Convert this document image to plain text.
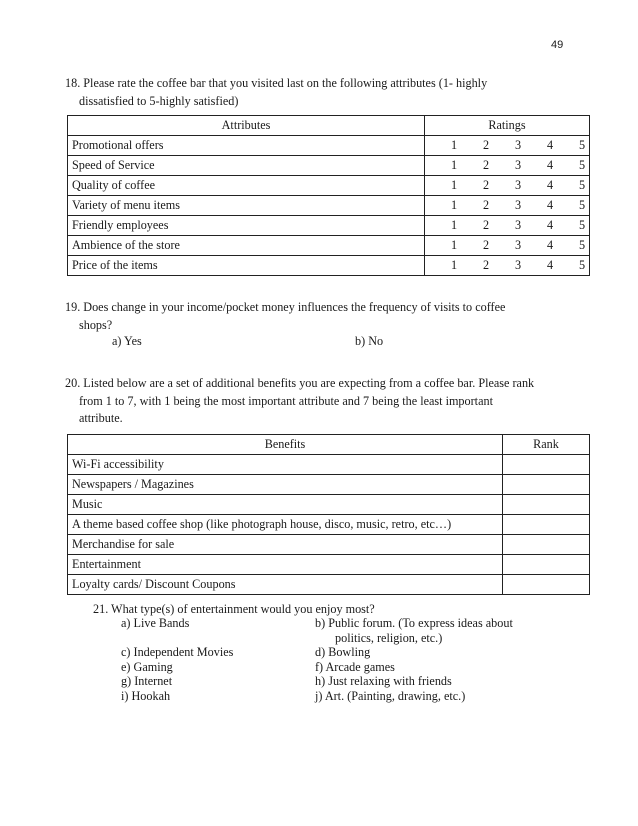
49
18. Please rate the coffee bar that you visited last on the following attributes (1- highly

dissatisfied to 5-highly satisfied)
Attributes	Ratings
Promotional offers	1 2 3 4 5

Speed of Service	1 2 3 4 5

Quality of coffee	1 2 3 4 5

Variety of menu items	1 2 3 4 5

Friendly employees	1 2 3 4 5

Ambience of the store	1 2 3 4 5

Price of the items	1 2 3 4 5
19. Does change in your income/pocket money influences the frequency of visits to coffee

shops?
a) Yes	b) No
20. Listed below are a set of additional benefits you are expecting from a coffee bar. Please rank

from 1 to 7, with 1 being the most important attribute and 7 being the least important
attribute.
Benefits	Rank
Wi-Fi accessibility	
Newspapers / Magazines	
Music	
A theme based coffee shop (like photograph house, disco, music, retro, etc…)	
Merchandise for sale	
Entertainment	
Loyalty cards/ Discount Coupons	
21. What type(s) of entertainment would you enjoy most?
a) Live Bands	b) Public forum. (To express ideas about
politics, religion, etc.)
c) Independent Movies	d) Bowling
e) Gaming	f) Arcade games
g) Internet	h) Just relaxing with friends
i) Hookah	j) Art. (Painting, drawing, etc.)
